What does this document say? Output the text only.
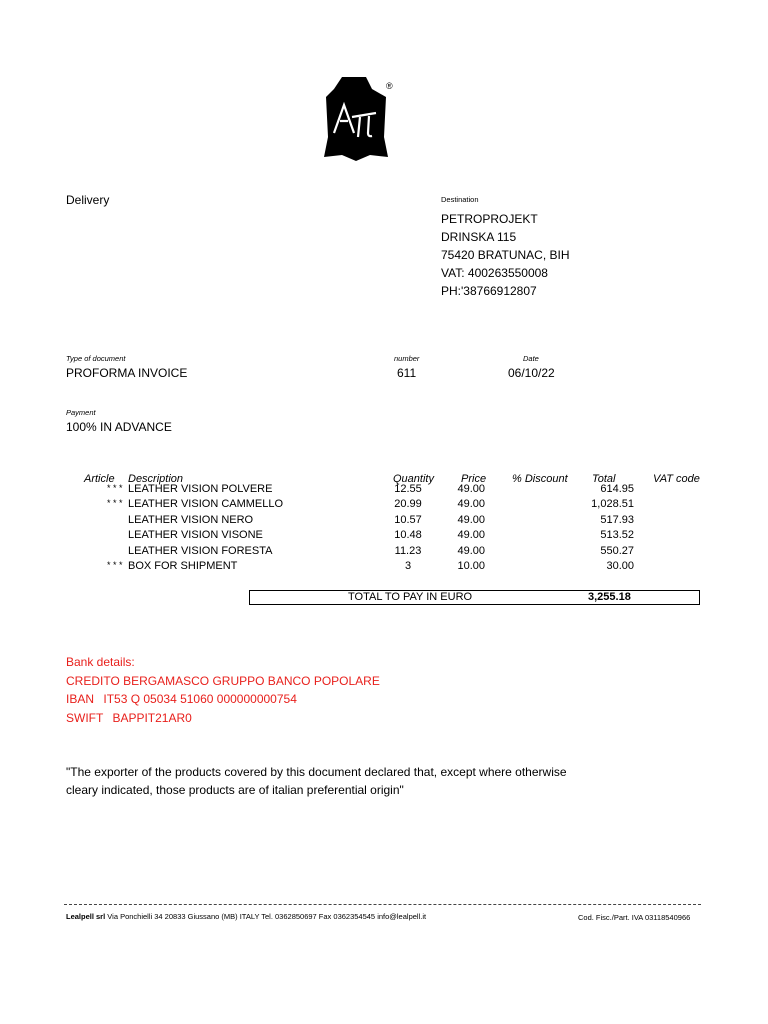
®
Delivery	Destination
PETROPROJEKT
DRINSKA 115
75420 BRATUNAC, BIH
VAT: 400263550008
PH:'38766912807
Type of document
PROFORMA INVOICE
number
611
Date
06/10/22
Payment
100% IN ADVANCE
Article Description	Quantity Price % Discount Total	VAT code
* * * LEATHER VISION POLVERE	12.55	49.00	614.95
* * * LEATHER VISION CAMMELLO	20.99	49.00	1,028.51
LEATHER VISION NERO	10.57	49.00	517.93
LEATHER VISION VISONE	10.48	49.00	513.52
LEATHER VISION FORESTA	11.23	49.00	550.27
* * * BOX FOR SHIPMENT	3	10.00	30.00
TOTAL TO PAY IN EURO	3,255.18
Bank details:
CREDITO BERGAMASCO GRUPPO BANCO POPOLARE
IBAN IT53 Q 05034 51060 000000000754
SWIFT BAPPIT21AR0
"The exporter of the products covered by this document declared that, except where otherwise
cleary indicated, those products are of italian preferential origin"
Lealpell srl Via Ponchielli 34 20833 Giussano (MB) ITALY Tel. 0362850697 Fax 0362354545 info@lealpell.it	Cod. Fisc./Part. IVA 03118540966
